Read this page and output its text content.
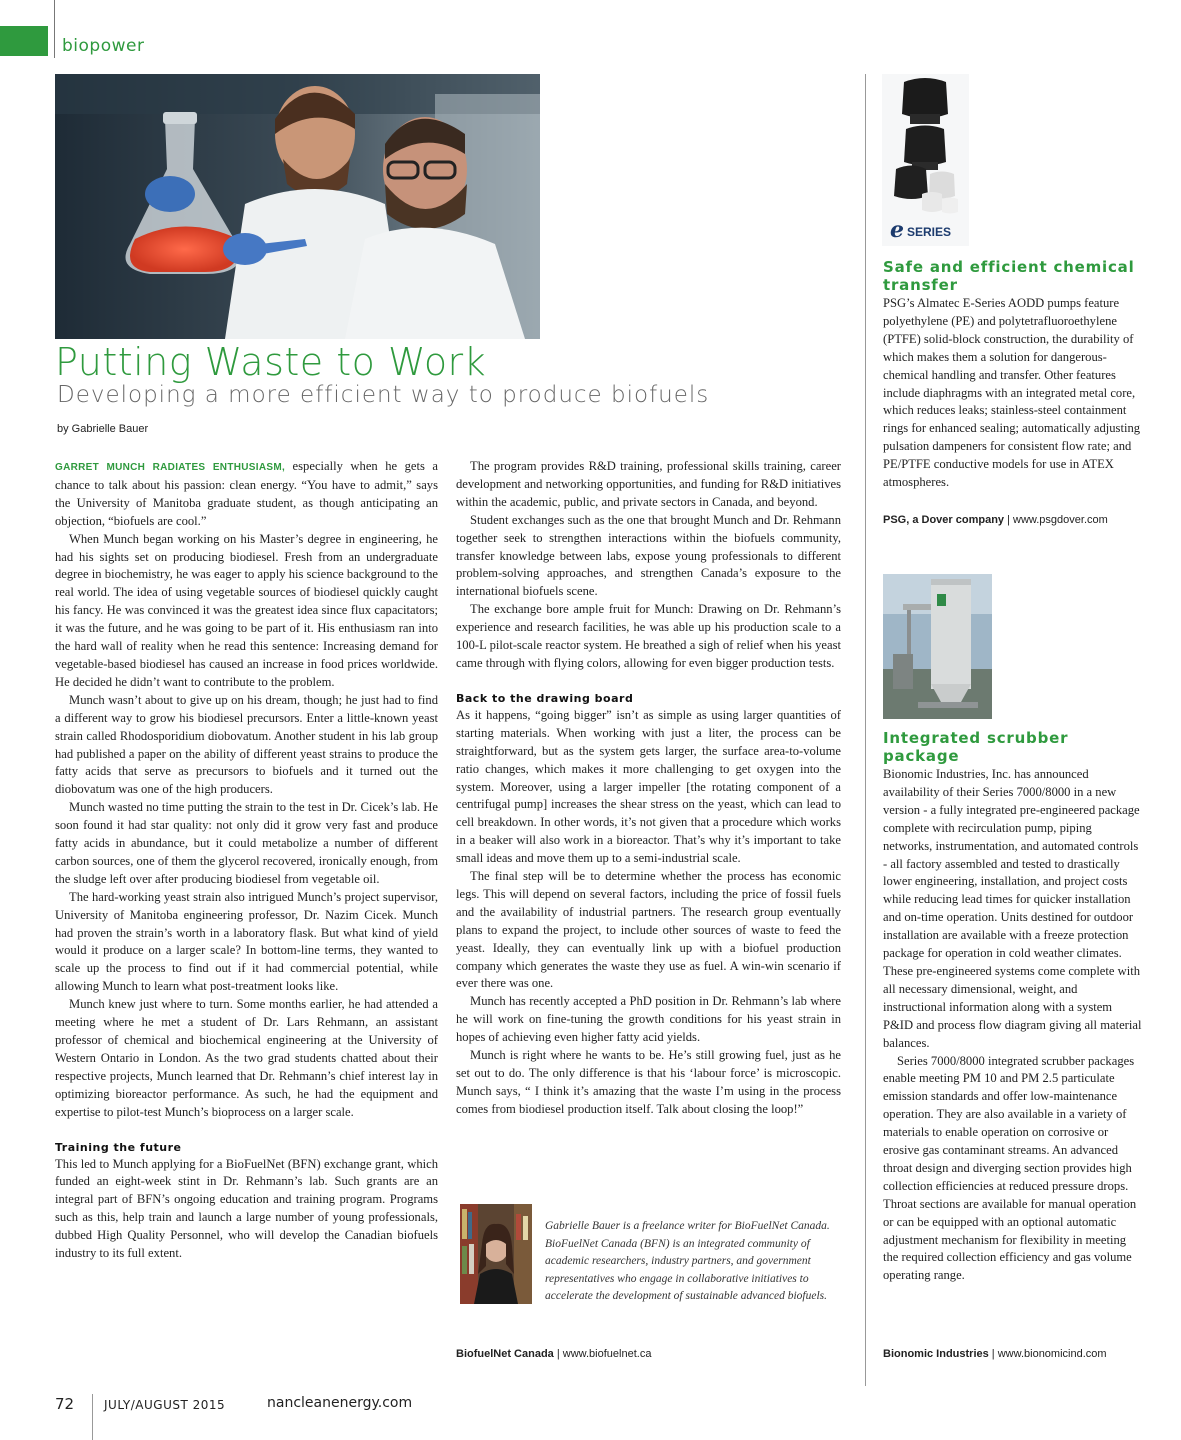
biopower
Putting Waste to Work
Developing a more efficient way to produce biofuels
by Gabrielle Bauer

GARRET MUNCH RADIATES ENTHUSIASM, especially when he gets a chance to talk about his passion: clean energy. “You have to admit,” says the University of Manitoba graduate student, as though anticipating an objection, “biofuels are cool.”

When Munch began working on his Master’s degree in engineering, he had his sights set on producing biodiesel. Fresh from an undergraduate degree in biochemistry, he was eager to apply his science background to the real world. The idea of using vegetable sources of biodiesel quickly caught his fancy. He was convinced it was the greatest idea since flux capacitators; it was the future, and he was going to be part of it. His enthusiasm ran into the hard wall of reality when he read this sentence: Increasing demand for vegetable-based biodiesel has caused an increase in food prices worldwide. He decided he didn’t want to contribute to the problem.

Munch wasn’t about to give up on his dream, though; he just had to find a different way to grow his biodiesel precursors. Enter a little-known yeast strain called Rhodosporidium diobovatum. Another student in his lab group had published a paper on the ability of different yeast strains to produce the fatty acids that serve as precursors to biofuels and it turned out the diobovatum was one of the high producers.

Munch wasted no time putting the strain to the test in Dr. Cicek’s lab. He soon found it had star quality: not only did it grow very fast and produce fatty acids in abundance, but it could metabolize a number of different carbon sources, one of them the glycerol recovered, ironically enough, from the sludge left over after producing biodiesel from vegetable oil.

The hard-working yeast strain also intrigued Munch’s project supervisor, University of Manitoba engineering professor, Dr. Nazim Cicek. Munch had proven the strain’s worth in a laboratory flask. But what kind of yield would it produce on a larger scale? In bottom-line terms, they wanted to scale up the process to find out if it had commercial potential, while allowing Munch to learn what post-treatment looks like.

Munch knew just where to turn. Some months earlier, he had attended a meeting where he met a student of Dr. Lars Rehmann, an assistant professor of chemical and biochemical engineering at the University of Western Ontario in London. As the two grad students chatted about their respective projects, Munch learned that Dr. Rehmann’s chief interest lay in optimizing bioreactor performance. As such, he had the equipment and expertise to pilot-test Munch’s bioprocess on a larger scale.

Training the future

This led to Munch applying for a BioFuelNet (BFN) exchange grant, which funded an eight-week stint in Dr. Rehmann’s lab. Such grants are an integral part of BFN’s ongoing education and training program. Programs such as this, help train and launch a large number of young professionals, dubbed High Quality Personnel, who will develop the Canadian biofuels industry to its full extent.

The program provides R&D training, professional skills training, career development and networking opportunities, and funding for R&D initiatives within the academic, public, and private sectors in Canada, and beyond.

Student exchanges such as the one that brought Munch and Dr. Rehmann together seek to strengthen interactions within the biofuels community, transfer knowledge between labs, expose young professionals to different problem-solving approaches, and strengthen Canada’s exposure to the international biofuels scene.

The exchange bore ample fruit for Munch: Drawing on Dr. Rehmann’s experience and research facilities, he was able up his production scale to a 100-L pilot-scale reactor system. He breathed a sigh of relief when his yeast came through with flying colors, allowing for even bigger production tests.

Back to the drawing board

As it happens, “going bigger” isn’t as simple as using larger quantities of starting materials. When working with just a liter, the process can be straightforward, but as the system gets larger, the surface area-to-volume ratio changes, which makes it more challenging to get oxygen into the system. Moreover, using a larger impeller [the rotating component of a centrifugal pump] increases the shear stress on the yeast, which can lead to cell breakdown. In other words, it’s not given that a procedure which works in a beaker will also work in a bioreactor. That’s why it’s important to take small ideas and move them up to a semi-industrial scale.

The final step will be to determine whether the process has economic legs. This will depend on several factors, including the price of fossil fuels and the availability of industrial partners. The research group eventually plans to expand the project, to include other sources of waste to feed the yeast. Ideally, they can eventually link up with a biofuel production company which generates the waste they use as fuel. A win-win scenario if ever there was one.

Munch has recently accepted a PhD position in Dr. Rehmann’s lab where he will work on fine-tuning the growth conditions for his yeast strain in hopes of achieving even higher fatty acid yields.

Munch is right where he wants to be. He’s still growing fuel, just as he set out to do. The only difference is that his ‘labour force’ is microscopic. Munch says, “ I think it’s amazing that the waste I’m using in the process comes from biodiesel production itself. Talk about closing the loop!”

Gabrielle Bauer is a freelance writer for BioFuelNet Canada. BioFuelNet Canada (BFN) is an integrated community of academic researchers, industry partners, and government representatives who engage in collaborative initiatives to accelerate the development of sustainable advanced biofuels.
BiofuelNet Canada | www.biofuelnet.ca
e SERIES
Safe and efficient chemical transfer

PSG’s Almatec E-Series AODD pumps feature polyethylene (PE) and polytetrafluoroethylene (PTFE) solid-block construction, the durability of which makes them a solution for dangerous-chemical handling and transfer. Other features include diaphragms with an integrated metal core, which reduces leaks; stainless-steel containment rings for enhanced sealing; automatically adjusting pulsation dampeners for consistent flow rate; and PE/PTFE conductive models for use in ATEX atmospheres.

PSG, a Dover company | www.psgdover.com
Integrated scrubber package

Bionomic Industries, Inc. has announced availability of their Series 7000/8000 in a new version - a fully integrated pre-engineered package complete with recirculation pump, piping networks, instrumentation, and automated controls - all factory assembled and tested to drastically lower engineering, installation, and project costs while reducing lead times for quicker installation and on-time operation. Units destined for outdoor installation are available with a freeze protection package for operation in cold weather climates. These pre-engineered systems come complete with all necessary dimensional, weight, and instructional information along with a system P&ID and process flow diagram giving all material balances.

Series 7000/8000 integrated scrubber packages enable meeting PM 10 and PM 2.5 particulate emission standards and offer low-maintenance operation. They are also available in a variety of materials to enable operation on corrosive or erosive gas contaminant streams. An advanced throat design and diverging section provides high collection efficiencies at reduced pressure drops. Throat sections are available for manual operation or can be equipped with an optional automatic adjustment mechanism for flexibility in meeting the required collection efficiency and gas volume operating range.

Bionomic Industries | www.bionomicind.com
72 JULY/AUGUST 2015	nancleanenergy.com
